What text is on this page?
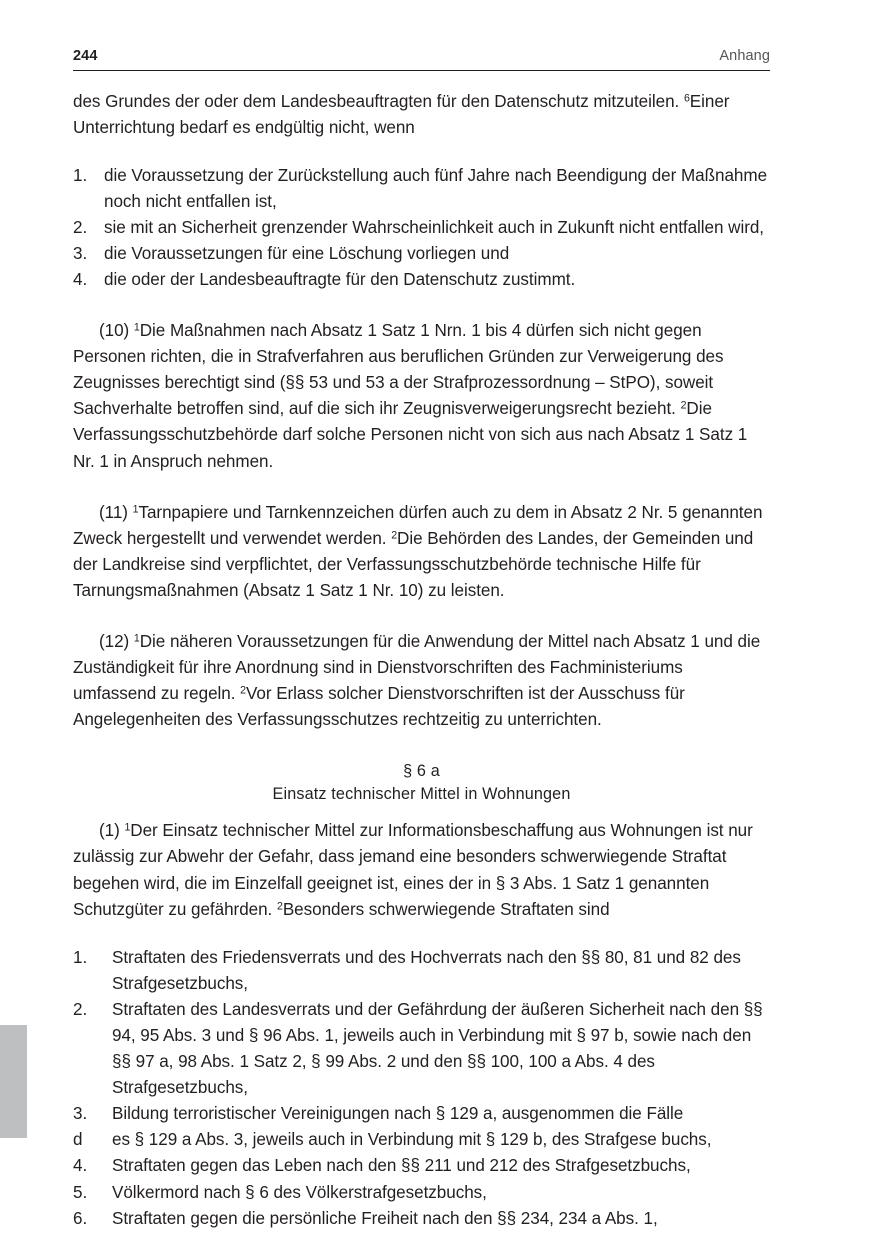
244	Anhang

des Grundes der oder dem Landesbeauftragten für den Datenschutz mitzuteilen. $^6$Einer Unterrichtung bedarf es endgültig nicht, wenn

1. die Voraussetzung der Zurückstellung auch fünf Jahre nach Beendigung der Maßnahme noch nicht entfallen ist,
2. sie mit an Sicherheit grenzender Wahrscheinlichkeit auch in Zukunft nicht entfallen wird,
3. die Voraussetzungen für eine Löschung vorliegen und
4. die oder der Landesbeauftragte für den Datenschutz zustimmt.

(10) $^1$Die Maßnahmen nach Absatz 1 Satz 1 Nrn. 1 bis 4 dürfen sich nicht gegen Personen richten, die in Strafverfahren aus beruflichen Gründen zur Verweigerung des Zeugnisses berechtigt sind (§§ 53 und 53 a der Strafprozessordnung – StPO), soweit Sachverhalte betroffen sind, auf die sich ihr Zeugnisverweigerungsrecht bezieht. $^2$Die Verfassungsschutzbehörde darf solche Personen nicht von sich aus nach Absatz 1 Satz 1 Nr. 1 in Anspruch nehmen.

(11) $^1$Tarnpapiere und Tarnkennzeichen dürfen auch zu dem in Absatz 2 Nr. 5 genannten Zweck hergestellt und verwendet werden. $^2$Die Behörden des Landes, der Gemeinden und der Landkreise sind verpflichtet, der Verfassungsschutzbehörde technische Hilfe für Tarnungsmaßnahmen (Absatz 1 Satz 1 Nr. 10) zu leisten.

(12) $^1$Die näheren Voraussetzungen für die Anwendung der Mittel nach Absatz 1 und die Zuständigkeit für ihre Anordnung sind in Dienstvorschriften des Fachministeriums umfassend zu regeln. $^2$Vor Erlass solcher Dienstvorschriften ist der Ausschuss für Angelegenheiten des Verfassungsschutzes rechtzeitig zu unterrichten.

§ 6 a
Einsatz technischer Mittel in Wohnungen

(1) $^1$Der Einsatz technischer Mittel zur Informationsbeschaffung aus Wohnungen ist nur zulässig zur Abwehr der Gefahr, dass jemand eine besonders schwerwiegende Straftat begehen wird, die im Einzelfall geeignet ist, eines der in § 3 Abs. 1 Satz 1 genannten Schutzgüter zu gefährden. $^2$Besonders schwerwiegende Straftaten sind

1.	Straftaten des Friedensverrats und des Hochverrats nach den §§ 80, 81 und 82 des Strafgesetzbuchs,
2.	Straftaten des Landesverrats und der Gefährdung der äußeren Sicherheit nach den §§ 94, 95 Abs. 3 und § 96 Abs. 1, jeweils auch in Verbindung mit § 97 b, sowie nach den §§ 97 a, 98 Abs. 1 Satz 2, § 99 Abs. 2 und den §§ 100, 100 a Abs. 4 des Strafgesetzbuchs,
3.	Bildung terroristischer Vereinigungen nach § 129 a, ausgenommen die Fälle
d	es § 129 a Abs. 3, jeweils auch in Verbindung mit § 129 b, des Strafgese buchs,
4.	Straftaten gegen das Leben nach den §§ 211 und 212 des Strafgesetzbuchs,
5.	Völkermord nach § 6 des Völkerstrafgesetzbuchs,
6.	Straftaten gegen die persönliche Freiheit nach den §§ 234, 234 a Abs. 1,
